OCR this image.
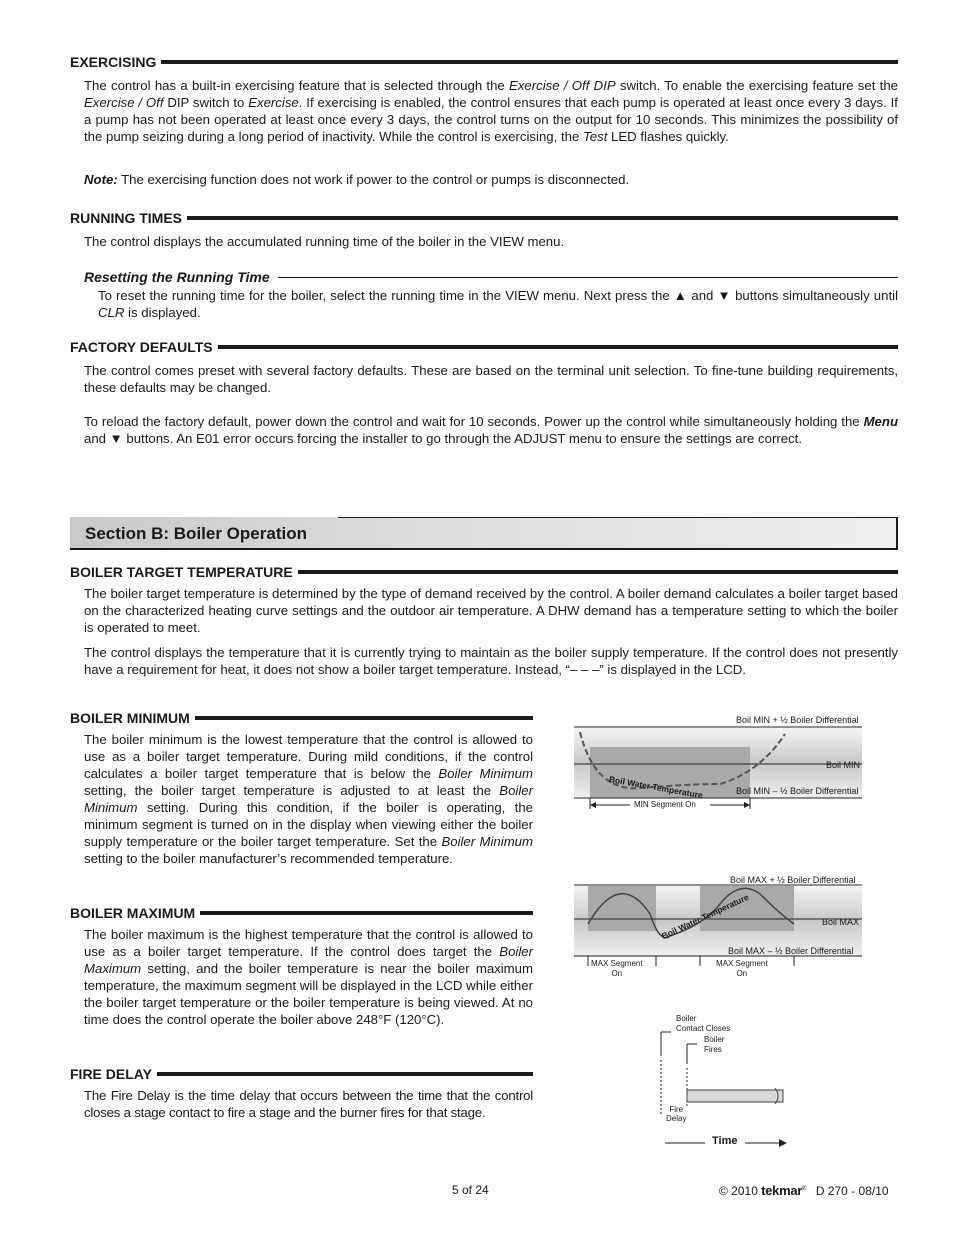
EXERCISING
The control has a built-in exercising feature that is selected through the Exercise / Off DIP switch. To enable the exercising feature set the Exercise / Off DIP switch to Exercise. If exercising is enabled, the control ensures that each pump is operated at least once every 3 days. If a pump has not been operated at least once every 3 days, the control turns on the output for 10 seconds. This minimizes the possibility of the pump seizing during a long period of inactivity. While the control is exercising, the Test LED flashes quickly.
Note: The exercising function does not work if power to the control or pumps is disconnected.
RUNNING TIMES
The control displays the accumulated running time of the boiler in the VIEW menu.
Resetting the Running Time
To reset the running time for the boiler, select the running time in the VIEW menu. Next press the ▲ and ▼ buttons simultaneously until CLR is displayed.
FACTORY DEFAULTS
The control comes preset with several factory defaults. These are based on the terminal unit selection. To fine-tune building requirements, these defaults may be changed.
To reload the factory default, power down the control and wait for 10 seconds. Power up the control while simultaneously holding the Menu and ▼ buttons. An E01 error occurs forcing the installer to go through the ADJUST menu to ensure the settings are correct.
Section B: Boiler Operation
BOILER TARGET TEMPERATURE
The boiler target temperature is determined by the type of demand received by the control. A boiler demand calculates a boiler target based on the characterized heating curve settings and the outdoor air temperature. A DHW demand has a temperature setting to which the boiler is operated to meet.
The control displays the temperature that it is currently trying to maintain as the boiler supply temperature. If the control does not presently have a requirement for heat, it does not show a boiler target temperature. Instead, “– – –” is displayed in the LCD.
BOILER MINIMUM
The boiler minimum is the lowest temperature that the control is allowed to use as a boiler target temperature. During mild conditions, if the control calculates a boiler target temperature that is below the Boiler Minimum setting, the boiler target temperature is adjusted to at least the Boiler Minimum setting. During this condition, if the boiler is operating, the minimum segment is turned on in the display when viewing either the boiler supply temperature or the boiler target temperature. Set the Boiler Minimum setting to the boiler manufacturer’s recommended temperature.
BOILER MAXIMUM
The boiler maximum is the highest temperature that the control is allowed to use as a boiler target temperature. If the control does target the Boiler Maximum setting, and the boiler temperature is near the boiler maximum temperature, the maximum segment will be displayed in the LCD while either the boiler target temperature or the boiler temperature is being viewed. At no time does the control operate the boiler above 248°F (120°C).
FIRE DELAY
The Fire Delay is the time delay that occurs between the time that the control closes a stage contact to fire a stage and the burner fires for that stage.
Boil MIN + ½ Boiler Differential
Boil MIN
Boil MIN – ½ Boiler Differential
Boil Water Temperature
MIN Segment On
Boil MAX + ½ Boiler Differential
Boil MAX
Boil MAX – ½ Boiler Differential
Boil Water Temperature
MAX Segment
On
MAX Segment
On
Boiler
Contact Closes
Boiler
Fires
Fire
Delay
Time
5 of 24	© 2010 tekmar® D 270 - 08/10
